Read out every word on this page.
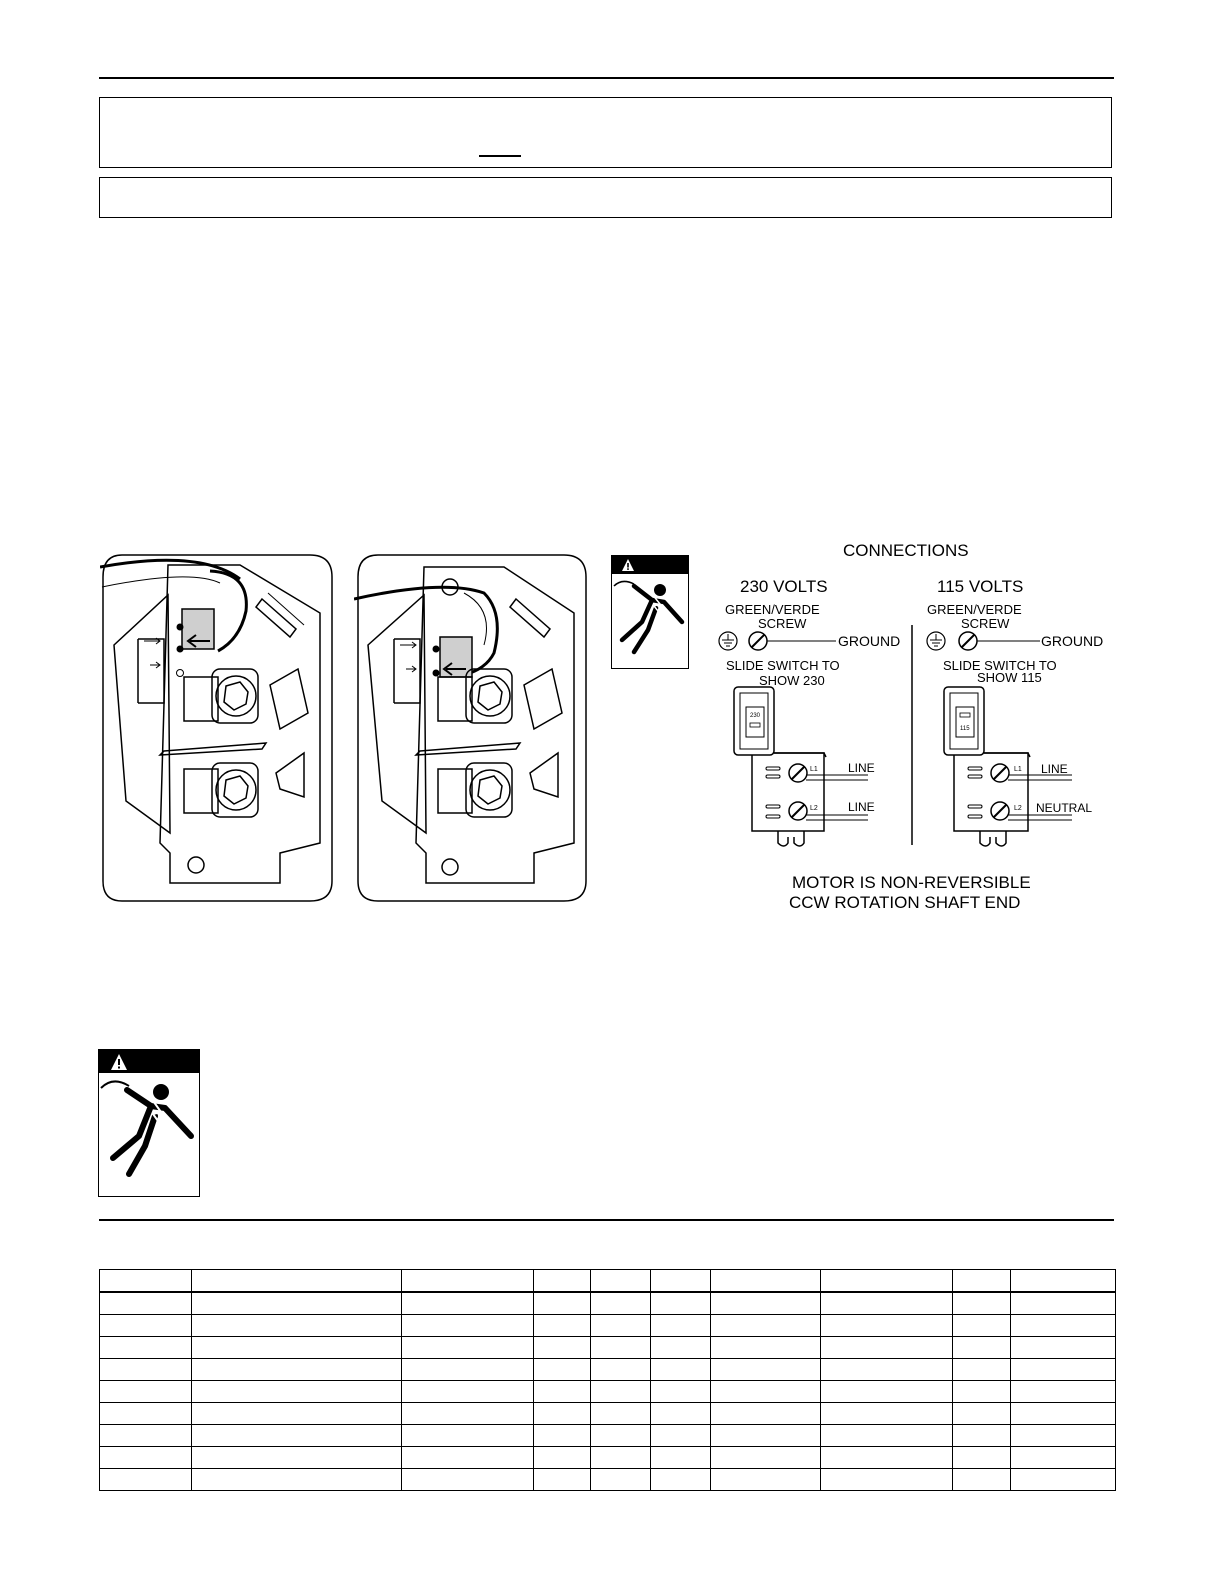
CONNECTIONS
230 VOLTS	115 VOLTS
GREEN/VERDE
SCREW
GREEN/VERDE
SCREW
GROUND	GROUND
SLIDE SWITCH TO
SHOW 230
SLIDE SWITCH TO
SHOW 115
230
L1
L2
115
L1
L2
LINE
LINE
LINE
NEUTRAL
MOTOR IS NON-REVERSIBLE
CCW ROTATION SHAFT END
